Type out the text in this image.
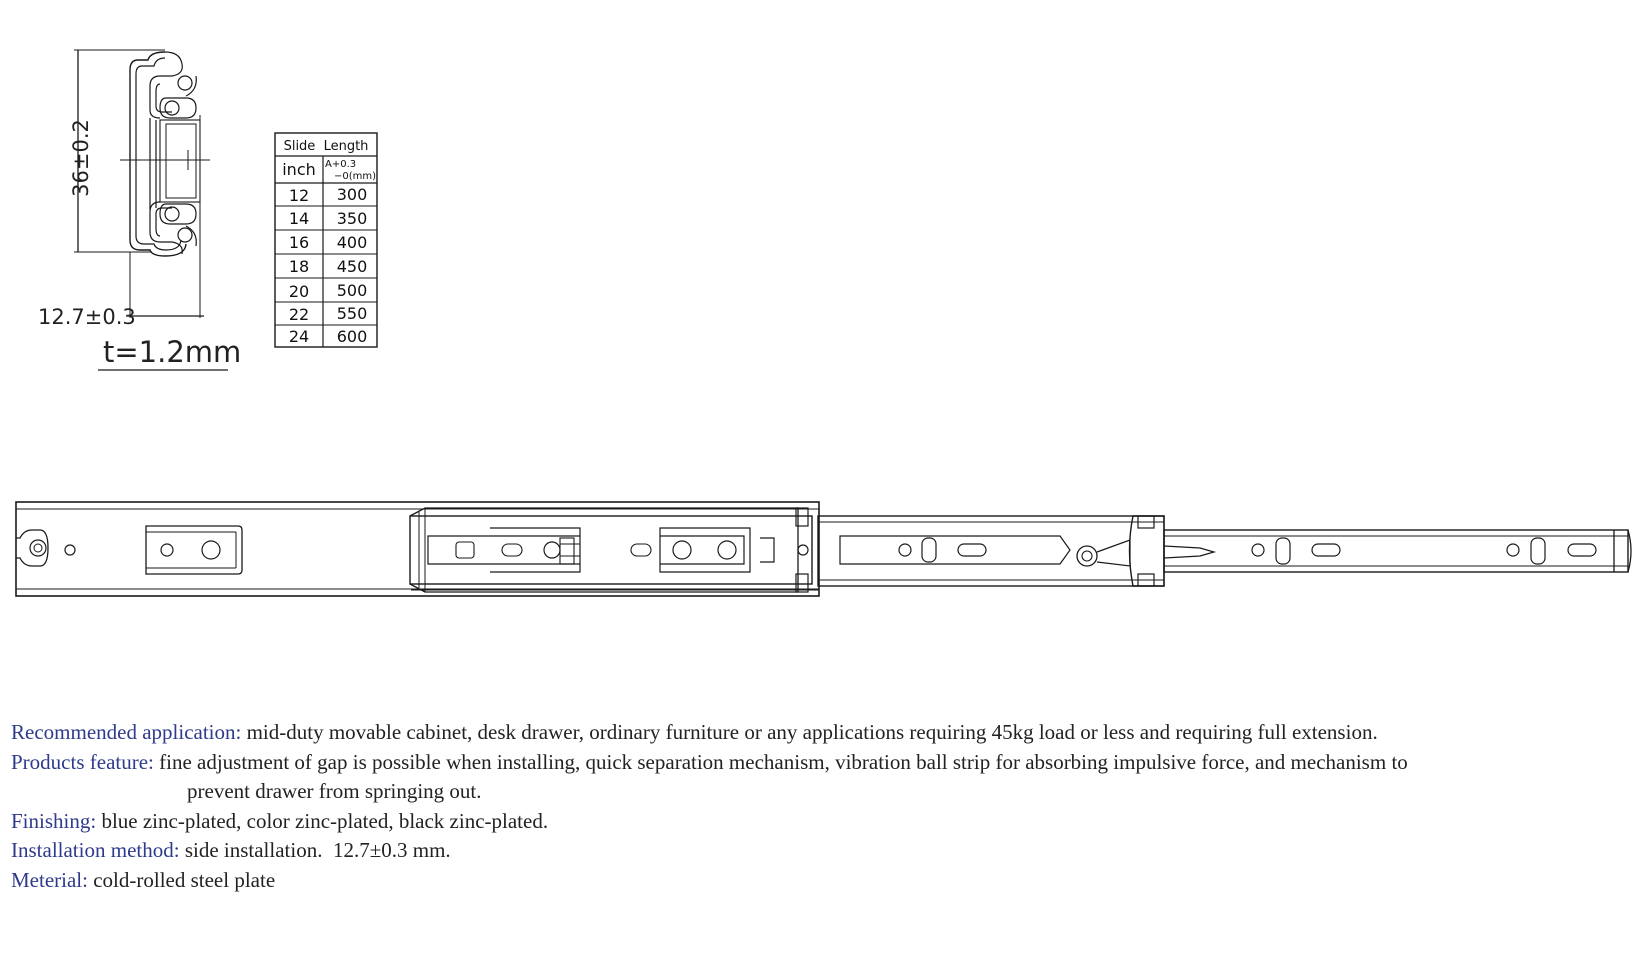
36±0.2
12.7±0.3
t=1.2mm
Slide  Length
inch A+0.3
−0(mm)
12 300
14 350
16 400
18 450
20 500
22 550
24 600

Recommended application: mid-duty movable cabinet, desk drawer, ordinary furniture or any applications requiring 45kg load or less and requiring full extension.

Products feature: fine adjustment of gap is possible when installing, quick separation mechanism, vibration ball strip for absorbing impulsive force, and mechanism to

prevent drawer from springing out.

Finishing: blue zinc-plated, color zinc-plated, black zinc-plated.

Installation method: side installation.  12.7±0.3 mm.

Meterial: cold-rolled steel plate
